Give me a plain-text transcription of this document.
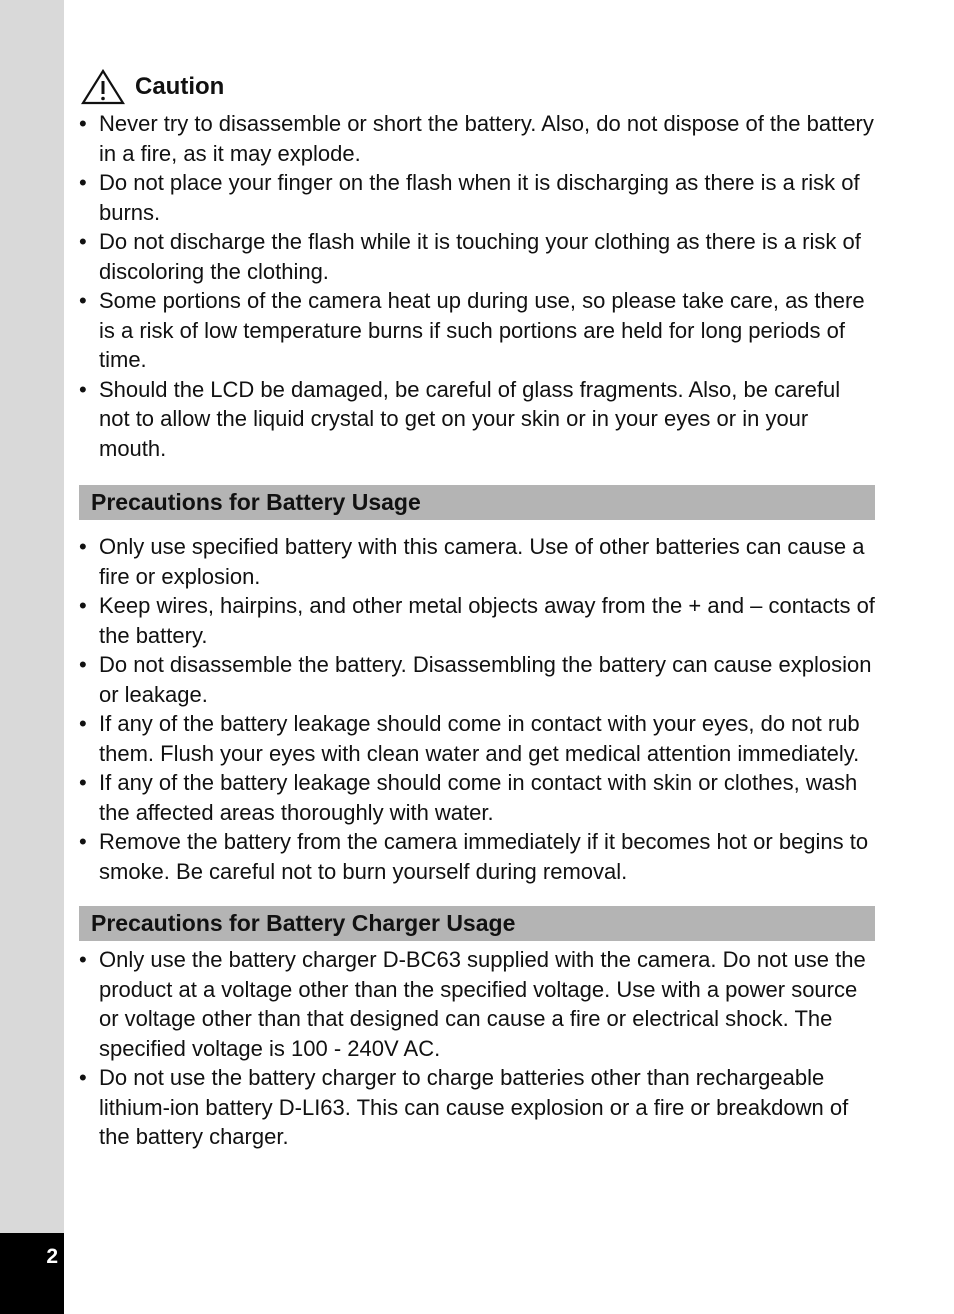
2
Caution
• Never try to disassemble or short the battery. Also, do not dispose of the battery in a fire, as it may explode.
• Do not place your finger on the flash when it is discharging as there is a risk of burns.
• Do not discharge the flash while it is touching your clothing as there is a risk of discoloring the clothing.
• Some portions of the camera heat up during use, so please take care, as there is a risk of low temperature burns if such portions are held for long periods of time.
• Should the LCD be damaged, be careful of glass fragments. Also, be careful not to allow the liquid crystal to get on your skin or in your eyes or in your mouth.
Precautions for Battery Usage
• Only use specified battery with this camera. Use of other batteries can cause a fire or explosion.
• Keep wires, hairpins, and other metal objects away from the + and – contacts of the battery.
• Do not disassemble the battery. Disassembling the battery can cause explosion or leakage.
• If any of the battery leakage should come in contact with your eyes, do not rub them. Flush your eyes with clean water and get medical attention immediately.
• If any of the battery leakage should come in contact with skin or clothes, wash the affected areas thoroughly with water.
• Remove the battery from the camera immediately if it becomes hot or begins to smoke. Be careful not to burn yourself during removal.
Precautions for Battery Charger Usage
• Only use the battery charger D-BC63 supplied with the camera. Do not use the product at a voltage other than the specified voltage. Use with a power source or voltage other than that designed can cause a fire or electrical shock. The specified voltage is 100 - 240V AC.
• Do not use the battery charger to charge batteries other than rechargeable lithium-ion battery D-LI63. This can cause explosion or a fire or breakdown of the battery charger.
